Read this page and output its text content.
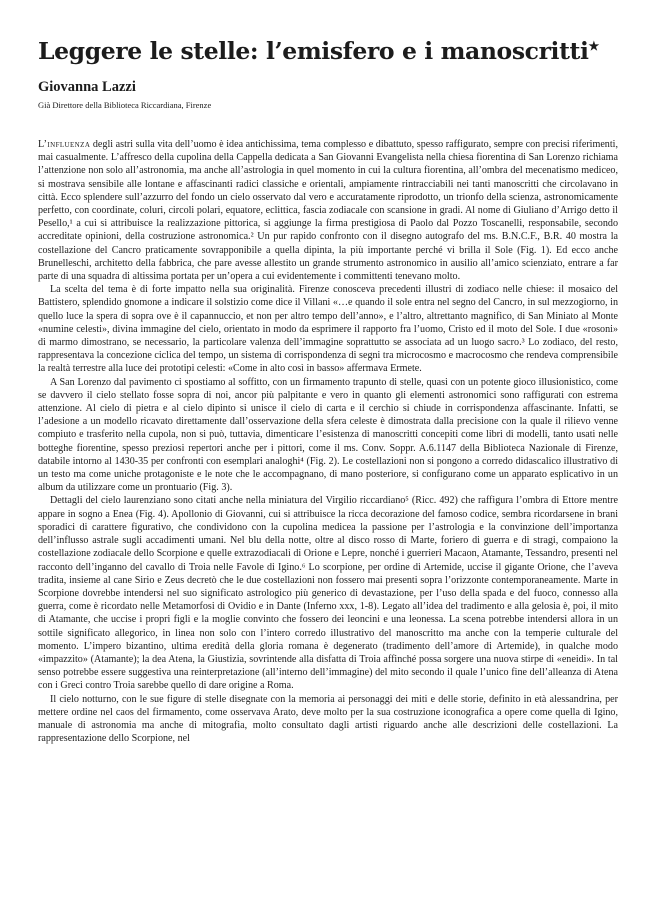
Leggere le stelle: l’emisfero e i manoscritti★
Giovanna Lazzi
Già Direttore della Biblioteca Riccardiana, Firenze

L’influenza degli astri sulla vita dell’uomo è idea antichissima, tema complesso e dibattuto, spesso raffigurato, sempre con precisi riferimenti, mai casualmente. L’affresco della cupolina della Cappella dedicata a San Giovanni Evangelista nella chiesa fiorentina di San Lorenzo richiama l’attenzione non solo all’astronomia, ma anche all’astrologia in quel momento in cui la cultura fiorentina, all’ombra del mecenatismo mediceo, si mostrava sensibile alle lontane e affascinanti radici classiche e orientali, ampiamente rintracciabili nei tanti manoscritti che circolavano in città. Ecco splendere sull’azzurro del fondo un cielo osservato dal vero e accuratamente riprodotto, un trionfo della scienza, astronomicamente perfetto, con coordinate, coluri, circoli polari, equatore, eclittica, fascia zodiacale con scansione in gradi. Al nome di Giuliano d’Arrigo detto il Pesello,¹ a cui si attribuisce la realizzazione pittorica, si aggiunge la firma prestigiosa di Paolo dal Pozzo Toscanelli, responsabile, secondo accreditate opinioni, della costruzione astronomica.² Un pur rapido confronto con il disegno autografo del ms. B.N.C.F., B.R. 40 mostra la costellazione del Cancro praticamente sovrapponibile a quella dipinta, la più importante perché vi brilla il Sole (Fig. 1). Ed ecco anche Brunelleschi, architetto della fabbrica, che pare avesse allestito un grande strumento astronomico in ausilio all’amico scienziato, entrare a far parte di una squadra di altissima portata per un’opera a cui evidentemente i committenti tenevano molto.

La scelta del tema è di forte impatto nella sua originalità. Firenze conosceva precedenti illustri di zodiaco nelle chiese: il mosaico del Battistero, splendido gnomone a indicare il solstizio come dice il Villani «…e quando il sole entra nel segno del Cancro, in sul mezzogiorno, in quello luce la spera di sopra ove è il capannuccio, et non per altro tempo dell’anno», e l’altro, altrettanto magnifico, di San Miniato al Monte «numine celesti», divina immagine del cielo, orientato in modo da esprimere il rapporto fra l’uomo, Cristo ed il moto del Sole. I due «rosoni» di marmo dimostrano, se necessario, la particolare valenza dell’immagine soprattutto se associata ad un luogo sacro.³ Lo zodiaco, del resto, rappresentava la concezione ciclica del tempo, un sistema di corrispondenza di segni tra microcosmo e macrocosmo che rendeva comprensibile la realtà terrestre alla luce dei prototipi celesti: «Come in alto così in basso» affermava Ermete.

A San Lorenzo dal pavimento ci spostiamo al soffitto, con un firmamento trapunto di stelle, quasi con un potente gioco illusionistico, come se davvero il cielo stellato fosse sopra di noi, ancor più palpitante e vero in quanto gli elementi astronomici sono raffigurati con estrema attenzione. Al cielo di pietra e al cielo dipinto si unisce il cielo di carta e il cerchio si chiude in corrispondenza affascinante. Infatti, se l’adesione a un modello ricavato direttamente dall’osservazione della sfera celeste è dimostrata dalla precisione con la quale il rilievo venne compiuto e trasferito nella cupola, non si può, tuttavia, dimenticare l’esistenza di manoscritti concepiti come libri di modelli, tanto usati nelle botteghe fiorentine, spesso preziosi repertori anche per i pittori, come il ms. Conv. Soppr. A.6.1147 della Biblioteca Nazionale di Firenze, databile intorno al 1430-35 per confronti con esemplari analoghi⁴ (Fig. 2). Le costellazioni non si pongono a corredo didascalico illustrativo di un testo ma come uniche protagoniste e le note che le accompagnano, di mano posteriore, si configurano come un apparato esplicativo in un album da utilizzare come un prontuario (Fig. 3).

Dettagli del cielo laurenziano sono citati anche nella miniatura del Virgilio riccardiano⁵ (Ricc. 492) che raffigura l’ombra di Ettore mentre appare in sogno a Enea (Fig. 4). Apollonio di Giovanni, cui si attribuisce la ricca decorazione del famoso codice, sembra ricordarsene in brani sporadici di carattere figurativo, che condividono con la cupolina medicea la passione per l’astrologia e la convinzione dell’importanza dell’influsso astrale sugli accadimenti umani. Nel blu della notte, oltre al disco rosso di Marte, foriero di guerra e di stragi, compaiono la costellazione zodiacale dello Scorpione e quelle extrazodiacali di Orione e Lepre, nonché i guerrieri Macaon, Atamante, Tessandro, presenti nel racconto dell’inganno del cavallo di Troia nelle Favole di Igino.⁶ Lo scorpione, per ordine di Artemide, uccise il gigante Orione, che l’aveva tradita, insieme al cane Sirio e Zeus decretò che le due costellazioni non fossero mai presenti sopra l’orizzonte contemporaneamente. Marte in Scorpione dovrebbe intendersi nel suo significato astrologico più generico di devastazione, per l’uso della spada e del fuoco, connesso alla guerra, come è ricordato nelle Metamorfosi di Ovidio e in Dante (Inferno xxx, 1-8). Legato all’idea del tradimento e alla gelosia è, poi, il mito di Atamante, che uccise i propri figli e la moglie convinto che fossero dei leoncini e una leonessa. La scena potrebbe intendersi allora in un sottile significato allegorico, in linea non solo con l’intero corredo illustrativo del manoscritto ma anche con la temperie culturale del momento. L’impero bizantino, ultima eredità della gloria romana è degenerato (tradimento dell’amore di Artemide), in qualche modo «impazzito» (Atamante); la dea Atena, la Giustizia, sovrintende alla disfatta di Troia affinché possa sorgere una nuova stirpe di «eneidi». In tal senso potrebbe essere suggestiva una reinterpretazione (all’interno dell’immagine) del mito secondo il quale l’unico fine dell’alleanza di Atena con i Greci contro Troia sarebbe quello di dare origine a Roma.

Il cielo notturno, con le sue figure di stelle disegnate con la memoria ai personaggi dei miti e delle storie, definito in età alessandrina, per mettere ordine nel caos del firmamento, come osservava Arato, deve molto per la sua costruzione iconografica a opere come quella di Igino, manuale di astronomia ma anche di mitografia, molto consultato dagli artisti riguardo anche alle descrizioni delle costellazioni. La rappresentazione dello Scorpione, nel
